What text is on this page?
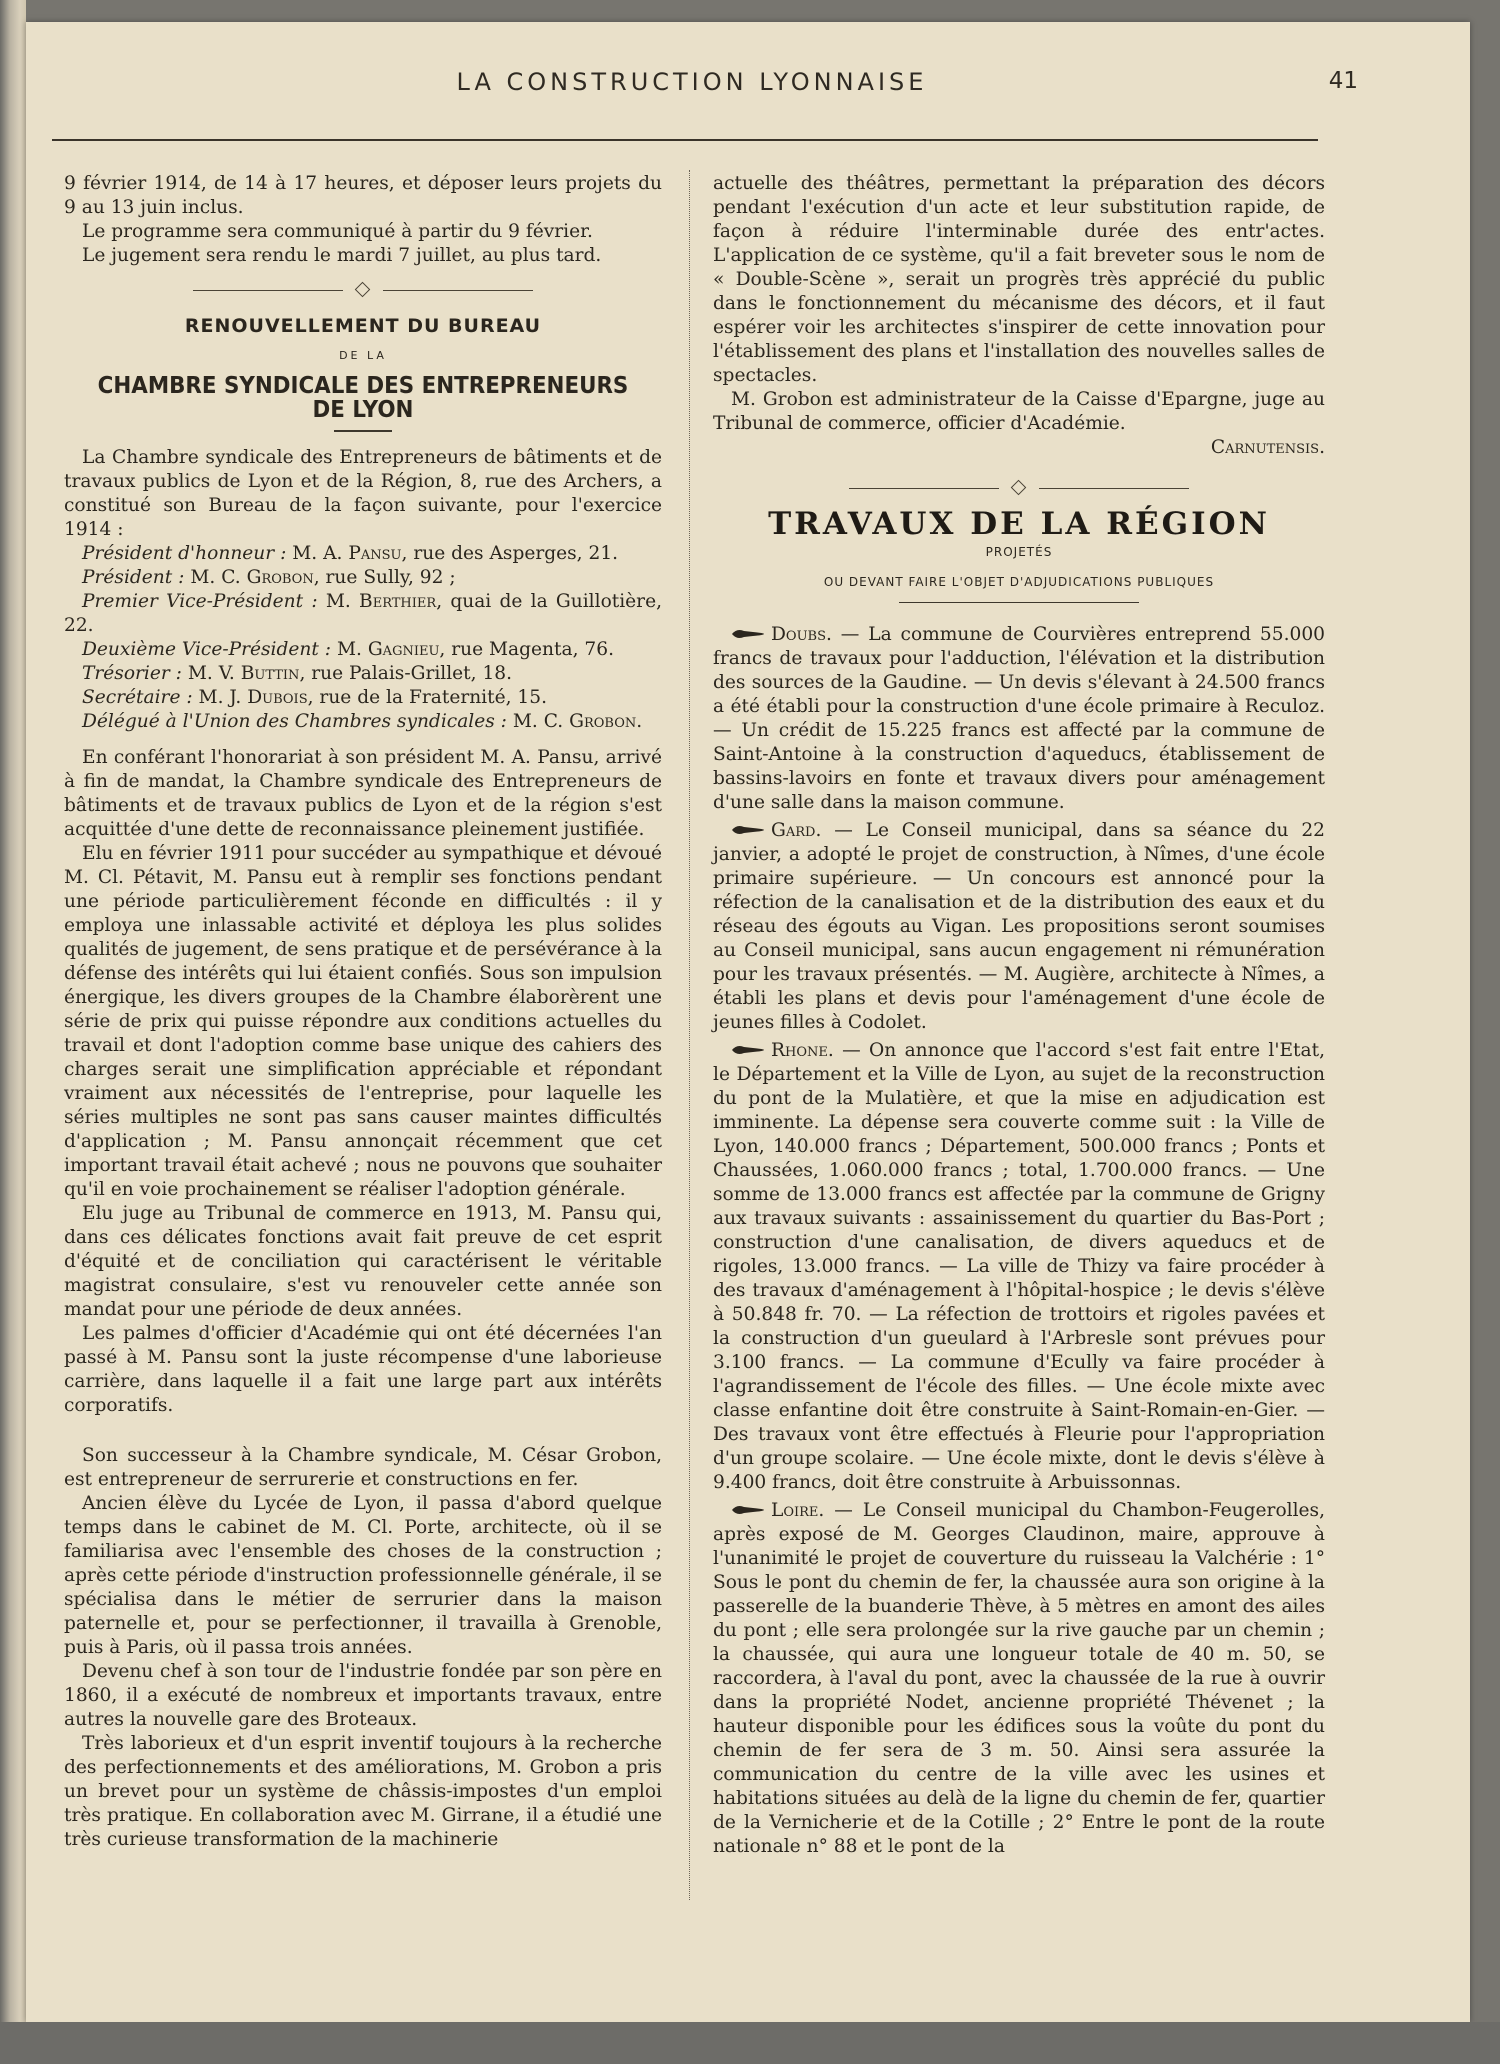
LA CONSTRUCTION LYONNAISE	41

9 février 1914, de 14 à 17 heures, et déposer leurs projets du 9 au 13 juin inclus.

Le programme sera communiqué à partir du 9 février.

Le jugement sera rendu le mardi 7 juillet, au plus tard.

RENOUVELLEMENT DU BUREAU
DE LA
CHAMBRE SYNDICALE DES ENTREPRENEURS DE LYON

La Chambre syndicale des Entrepreneurs de bâtiments et de travaux publics de Lyon et de la Région, 8, rue des Archers, a constitué son Bureau de la façon suivante, pour l'exercice 1914 :

Président d'honneur : M. A. Pansu, rue des Asperges, 21.

Président : M. C. Grobon, rue Sully, 92 ;

Premier Vice-Président : M. Berthier, quai de la Guillotière, 22.

Deuxième Vice-Président : M. Gagnieu, rue Magenta, 76.

Trésorier : M. V. Buttin, rue Palais-Grillet, 18.

Secrétaire : M. J. Dubois, rue de la Fraternité, 15.

Délégué à l'Union des Chambres syndicales : M. C. Grobon.

En conférant l'honorariat à son président M. A. Pansu, arrivé à fin de mandat, la Chambre syndicale des Entrepreneurs de bâtiments et de travaux publics de Lyon et de la région s'est acquittée d'une dette de reconnaissance pleinement justifiée.

Elu en février 1911 pour succéder au sympathique et dévoué M. Cl. Pétavit, M. Pansu eut à remplir ses fonctions pendant une période particulièrement féconde en difficultés : il y employa une inlassable activité et déploya les plus solides qualités de jugement, de sens pratique et de persévérance à la défense des intérêts qui lui étaient confiés. Sous son impulsion énergique, les divers groupes de la Chambre élaborèrent une série de prix qui puisse répondre aux conditions actuelles du travail et dont l'adoption comme base unique des cahiers des charges serait une simplification appréciable et répondant vraiment aux nécessités de l'entreprise, pour laquelle les séries multiples ne sont pas sans causer maintes difficultés d'application ; M. Pansu annonçait récemment que cet important travail était achevé ; nous ne pouvons que souhaiter qu'il en voie prochainement se réaliser l'adoption générale.

Elu juge au Tribunal de commerce en 1913, M. Pansu qui, dans ces délicates fonctions avait fait preuve de cet esprit d'équité et de conciliation qui caractérisent le véritable magistrat consulaire, s'est vu renouveler cette année son mandat pour une période de deux années.

Les palmes d'officier d'Académie qui ont été décernées l'an passé à M. Pansu sont la juste récompense d'une laborieuse carrière, dans laquelle il a fait une large part aux intérêts corporatifs.

Son successeur à la Chambre syndicale, M. César Grobon, est entrepreneur de serrurerie et constructions en fer.

Ancien élève du Lycée de Lyon, il passa d'abord quelque temps dans le cabinet de M. Cl. Porte, architecte, où il se familiarisa avec l'ensemble des choses de la construction ; après cette période d'instruction professionnelle générale, il se spécialisa dans le métier de serrurier dans la maison paternelle et, pour se perfectionner, il travailla à Grenoble, puis à Paris, où il passa trois années.

Devenu chef à son tour de l'industrie fondée par son père en 1860, il a exécuté de nombreux et importants travaux, entre autres la nouvelle gare des Broteaux.

Très laborieux et d'un esprit inventif toujours à la recherche des perfectionnements et des améliorations, M. Grobon a pris un brevet pour un système de châssis-impostes d'un emploi très pratique. En collaboration avec M. Girrane, il a étudié une très curieuse transformation de la machinerie

actuelle des théâtres, permettant la préparation des décors pendant l'exécution d'un acte et leur substitution rapide, de façon à réduire l'interminable durée des entr'actes. L'application de ce système, qu'il a fait breveter sous le nom de « Double-Scène », serait un progrès très apprécié du public dans le fonctionnement du mécanisme des décors, et il faut espérer voir les architectes s'inspirer de cette innovation pour l'établissement des plans et l'installation des nouvelles salles de spectacles.

M. Grobon est administrateur de la Caisse d'Epargne, juge au Tribunal de commerce, officier d'Académie.

Carnutensis.

TRAVAUX DE LA RÉGION
PROJETÉS
OU DEVANT FAIRE L'OBJET D'ADJUDICATIONS PUBLIQUES

Doubs. — La commune de Courvières entreprend 55.000 francs de travaux pour l'adduction, l'élévation et la distribution des sources de la Gaudine. — Un devis s'élevant à 24.500 francs a été établi pour la construction d'une école primaire à Reculoz. — Un crédit de 15.225 francs est affecté par la commune de Saint-Antoine à la construction d'aqueducs, établissement de bassins-lavoirs en fonte et travaux divers pour aménagement d'une salle dans la maison commune.

Gard. — Le Conseil municipal, dans sa séance du 22 janvier, a adopté le projet de construction, à Nîmes, d'une école primaire supérieure. — Un concours est annoncé pour la réfection de la canalisation et de la distribution des eaux et du réseau des égouts au Vigan. Les propositions seront soumises au Conseil municipal, sans aucun engagement ni rémunération pour les travaux présentés. — M. Augière, architecte à Nîmes, a établi les plans et devis pour l'aménagement d'une école de jeunes filles à Codolet.

Rhone. — On annonce que l'accord s'est fait entre l'Etat, le Département et la Ville de Lyon, au sujet de la reconstruction du pont de la Mulatière, et que la mise en adjudication est imminente. La dépense sera couverte comme suit : la Ville de Lyon, 140.000 francs ; Département, 500.000 francs ; Ponts et Chaussées, 1.060.000 francs ; total, 1.700.000 francs. — Une somme de 13.000 francs est affectée par la commune de Grigny aux travaux suivants : assainissement du quartier du Bas-Port ; construction d'une canalisation, de divers aqueducs et de rigoles, 13.000 francs. — La ville de Thizy va faire procéder à des travaux d'aménagement à l'hôpital-hospice ; le devis s'élève à 50.848 fr. 70. — La réfection de trottoirs et rigoles pavées et la construction d'un gueulard à l'Arbresle sont prévues pour 3.100 francs. — La commune d'Ecully va faire procéder à l'agrandissement de l'école des filles. — Une école mixte avec classe enfantine doit être construite à Saint-Romain-en-Gier. — Des travaux vont être effectués à Fleurie pour l'appropriation d'un groupe scolaire. — Une école mixte, dont le devis s'élève à 9.400 francs, doit être construite à Arbuissonnas.

Loire. — Le Conseil municipal du Chambon-Feugerolles, après exposé de M. Georges Claudinon, maire, approuve à l'unanimité le projet de couverture du ruisseau la Valchérie : 1° Sous le pont du chemin de fer, la chaussée aura son origine à la passerelle de la buanderie Thève, à 5 mètres en amont des ailes du pont ; elle sera prolongée sur la rive gauche par un chemin ; la chaussée, qui aura une longueur totale de 40 m. 50, se raccordera, à l'aval du pont, avec la chaussée de la rue à ouvrir dans la propriété Nodet, ancienne propriété Thévenet ; la hauteur disponible pour les édifices sous la voûte du pont du chemin de fer sera de 3 m. 50. Ainsi sera assurée la communication du centre de la ville avec les usines et habitations situées au delà de la ligne du chemin de fer, quartier de la Vernicherie et de la Cotille ; 2° Entre le pont de la route nationale n° 88 et le pont de la
